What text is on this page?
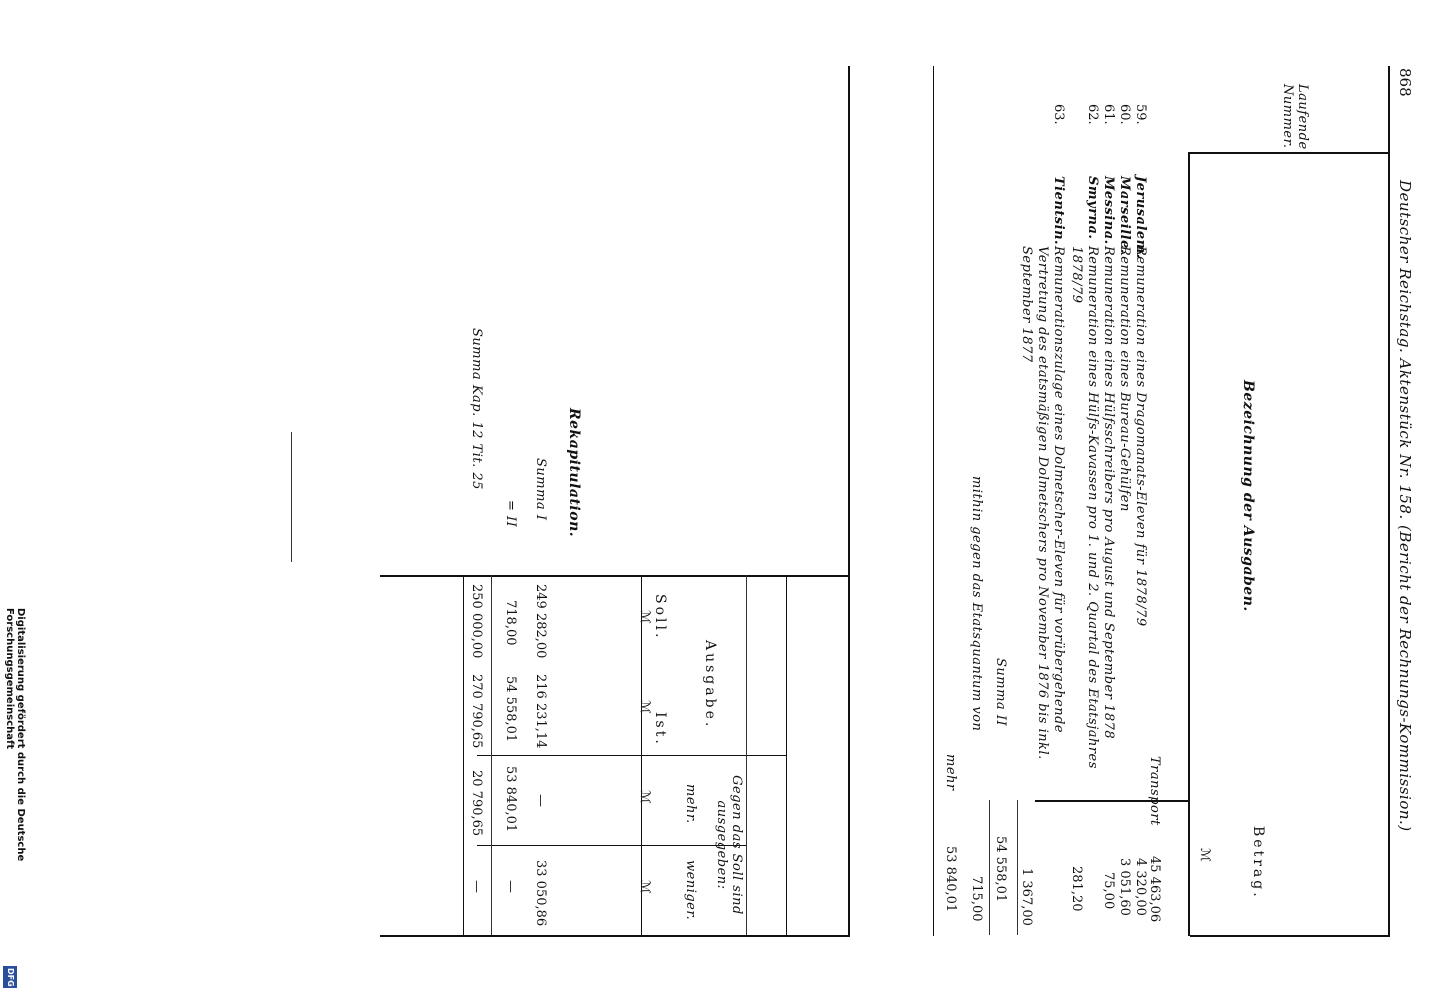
868
Deutscher Reichstag. Aktenstück Nr. 158. (Bericht der Rechnungs-Kommission.)
Laufende Nummer.
Bezeichnung der Ausgaben.
Betrag.
ℳ
Transport
45 463,06
59.
Jerusalem.
Remuneration eines Dragomanats-Eleven für 1878/79
4 320,00
60.
Marseille.
Remuneration eines Bureau-Gehülfen
3 051,60
61.
Messina.
Remuneration eines Hülfsschreibers pro August und September 1878
75,00
62.
Smyrna.
Remuneration eines Hülfs-Kavassen pro 1. und 2. Quartal des Etatsjahres 1878/79
281,20
63.
Tientsin.
Remunerationszulage eines Dolmetscher-Eleven für vorübergehende Vertretung des etatsmäßigen Dolmetschers pro November 1876 bis inkl. September 1877
1 367,00
Summa II
54 558,01
mithin gegen das Etatsquantum von
715,00
mehr
53 840,01
Rekapitulation.
Soll.
Ist.
Ausgabe.
Gegen das Soll sind ausgegeben:
mehr.
weniger.
ℳ
ℳ
ℳ
ℳ
Summa I
249 282,00
216 231,14
—
33 050,86
= II
718,00
54 558,01
53 840,01
—
Summa Kap. 12 Tit. 25
250 000,00
270 790,65
20 790,65
—
Digitalisierung gefördert durch die Deutsche Forschungsgemeinschaft
DFG
